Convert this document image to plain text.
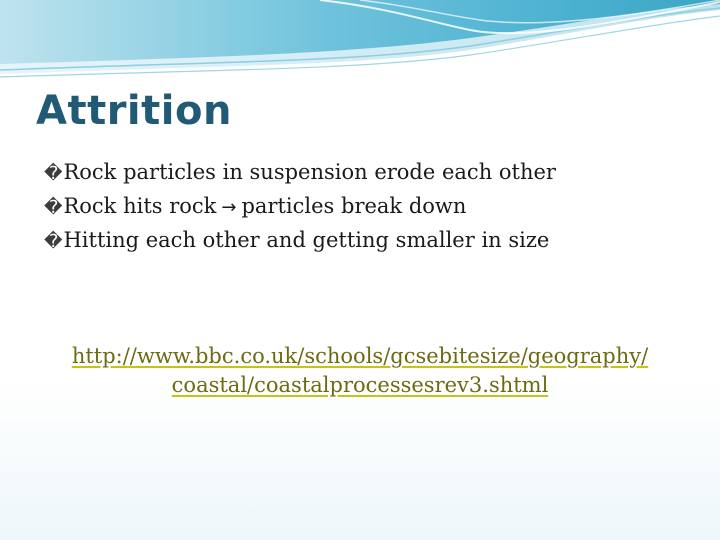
Attrition
� Rock particles in suspension erode each other
� Rock hits rock → particles break down
� Hitting each other and getting smaller in size
http://www.bbc.co.uk/schools/gcsebitesize/geography/
coastal/coastalprocessesrev3.shtml
